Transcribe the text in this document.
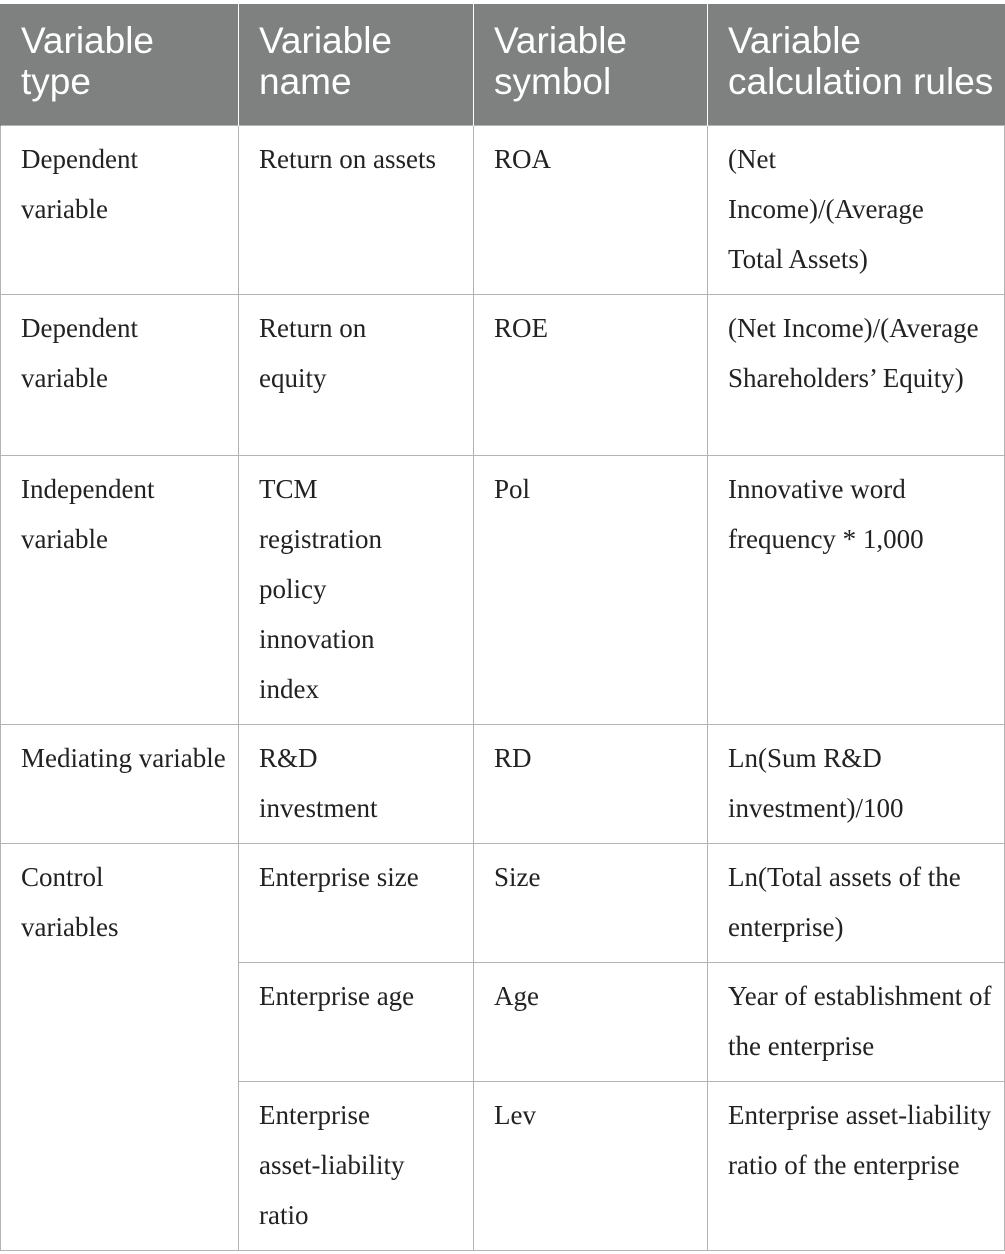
Variable type	Variable name	Variable symbol	Variable calculation rules
Dependent variable	Return on assets	ROA	(Net Income)/(Average Total Assets)
Dependent variable	Return on equity	ROE	(Net Income)/(Average Shareholders’ Equity)
Independent variable	TCM registration policy innovation index	Pol	Innovative word frequency * 1,000
Mediating variable	R&D investment	RD	Ln(Sum R&D investment)/100
Control variables	Enterprise size	Size	Ln(Total assets of the enterprise)
	Enterprise age	Age	Year of establishment of the enterprise
	Enterprise asset-liability ratio	Lev	Enterprise asset-liability ratio of the enterprise
